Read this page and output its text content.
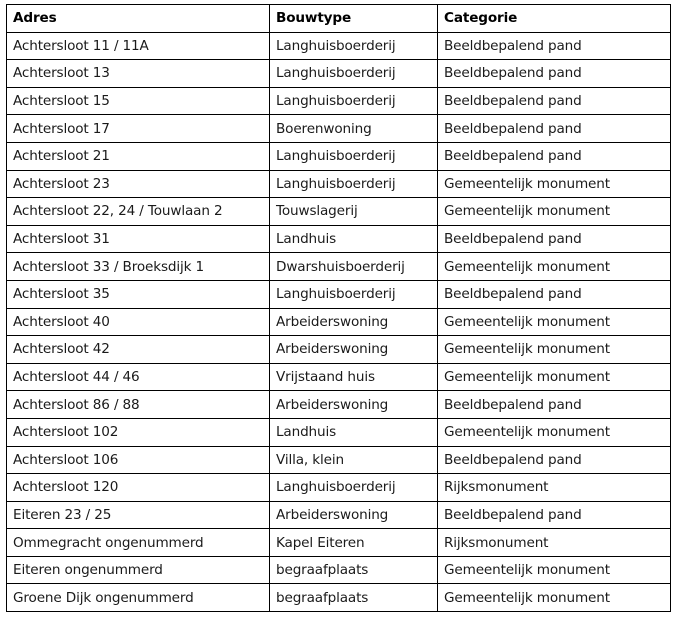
Adres	Bouwtype	Categorie
Achtersloot 11 / 11A	Langhuisboerderij	Beeldbepalend pand
Achtersloot 13	Langhuisboerderij	Beeldbepalend pand
Achtersloot 15	Langhuisboerderij	Beeldbepalend pand
Achtersloot 17	Boerenwoning	Beeldbepalend pand
Achtersloot 21	Langhuisboerderij	Beeldbepalend pand
Achtersloot 23	Langhuisboerderij	Gemeentelijk monument
Achtersloot 22, 24 / Touwlaan 2	Touwslagerij	Gemeentelijk monument
Achtersloot 31	Landhuis	Beeldbepalend pand
Achtersloot 33 / Broeksdijk 1	Dwarshuisboerderij	Gemeentelijk monument
Achtersloot 35	Langhuisboerderij	Beeldbepalend pand
Achtersloot 40	Arbeiderswoning	Gemeentelijk monument
Achtersloot 42	Arbeiderswoning	Gemeentelijk monument
Achtersloot 44 / 46	Vrijstaand huis	Gemeentelijk monument
Achtersloot 86 / 88	Arbeiderswoning	Beeldbepalend pand
Achtersloot 102	Landhuis	Gemeentelijk monument
Achtersloot 106	Villa, klein	Beeldbepalend pand
Achtersloot 120	Langhuisboerderij	Rijksmonument
Eiteren 23 / 25	Arbeiderswoning	Beeldbepalend pand
Ommegracht ongenummerd	Kapel Eiteren	Rijksmonument
Eiteren ongenummerd	begraafplaats	Gemeentelijk monument
Groene Dijk ongenummerd	begraafplaats	Gemeentelijk monument
